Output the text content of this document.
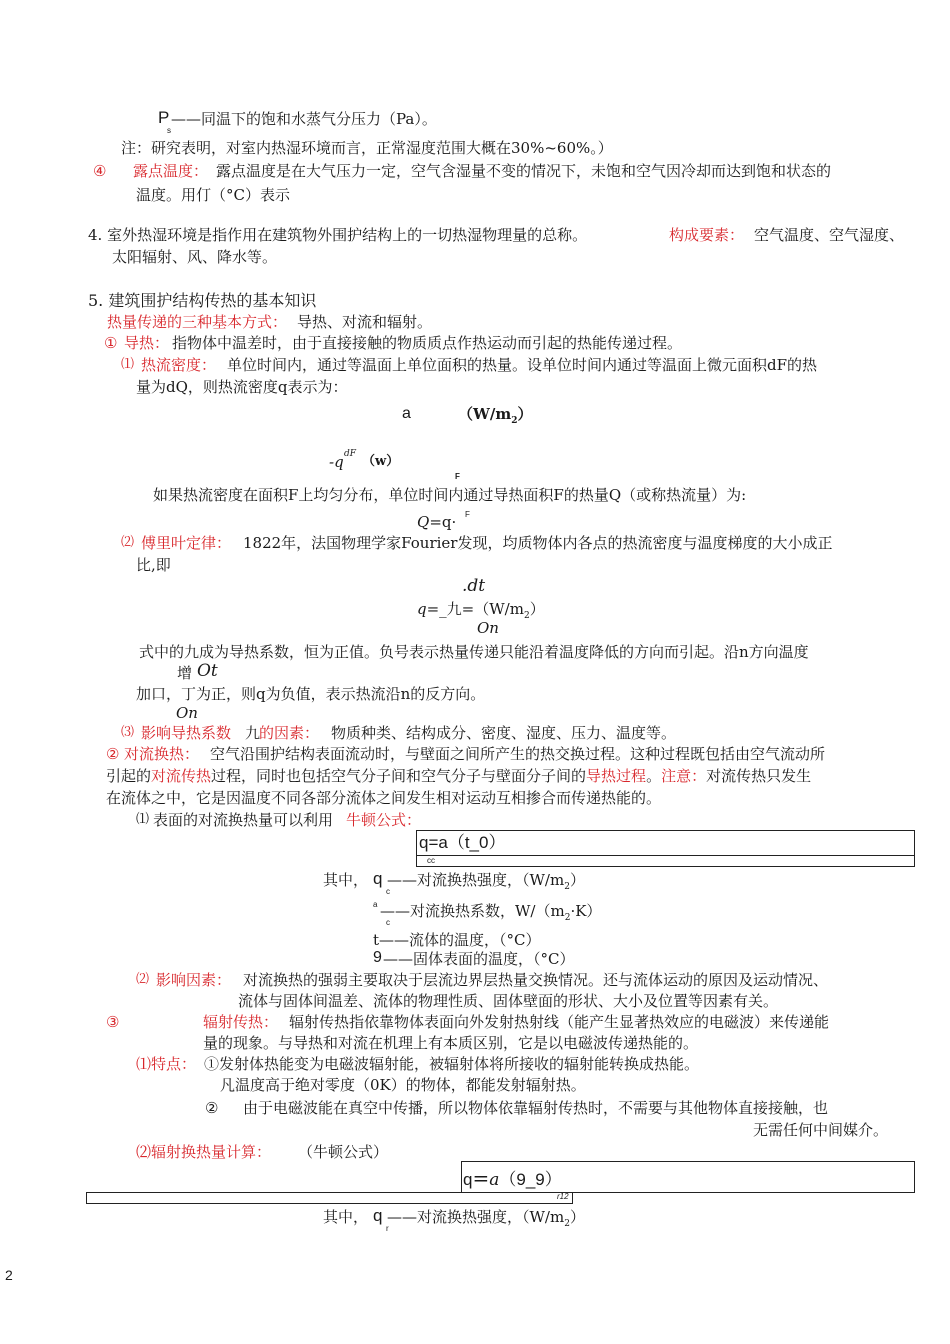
P
s
——同温下的饱和水蒸气分压力（Pa）。
注：研究表明，对室内热湿环境而言，正常湿度范围大概在30%~60%。）
④ 露点温度： 露点温度是在大气压力一定，空气含湿量不变的情况下，未饱和空气因冷却而达到饱和状态的
温度。用仃（°C）表示
4. 室外热湿环境是指作用在建筑物外围护结构上的一切热湿物理量的总称。	构成要素： 空气温度、空气湿度、
太阳辐射、风、降水等。
5. 建筑围护结构传热的基本知识
热量传递的三种基本方式： 导热、对流和辐射。
① 导热： 指物体中温差时，由于直接接触的物质质点作热运动而引起的热能传递过程。
⑴ 热流密度： 单位时间内，通过等温面上单位面积的热量。设单位时间内通过等温面上微元面积dF的热
量为dQ，则热流密度q表示为：
a	$(W/m_2)$
-q dF （w）
F
如果热流密度在面积F上均匀分布，单位时间内通过导热面积F的热量Q（或称热流量）为:
Q=q· F
⑵ 傅里叶定律： 1822年，法国物理学家Fourier发现，均质物体内各点的热流密度与温度梯度的大小成正
比,即
.dt
q=_九$=(W/m_2)$
On
式中的九成为导热系数，恒为正值。负号表示热量传递只能沿着温度降低的方向而引起。沿n方向温度
增 Ot
加口，丁为正，则q为负值，表示热流沿n的反方向。
On
⑶ 影响导热系数 九
的因素： 物质种类、结构成分、密度、湿度、压力、温度等。
② 对流换热： 空气沿围护结构表面流动时，与壁面之间所产生的热交换过程。这种过程既包括由空气流动所
引起的对流传热过程，同时也包括空气分子间和空气分子与壁面分子间的导热过程。注意：对流传热只发生
在流体之中，它是因温度不同各部分流体之间发生相对运动互相掺合而传递热能的。
⑴ 表面的对流换热量可以利用 牛顿公式：
q=a（t_0）
cc
其中， q
c
——对流换热强度，$(W/m_2)$
a
c
——对流换热系数，$W/(m_2\cdot K)$
t——流体的温度，（°C）
9 ——固体表面的温度，（°C）
⑵ 影响因素： 对流换热的强弱主要取决于层流边界层热量交换情况。还与流体运动的原因及运动情况、
流体与固体间温差、流体的物理性质、固体壁面的形状、大小及位置等因素有关。
③	辐射传热： 辐射传热指依靠物体表面向外发射热射线（能产生显著热效应的电磁波）来传递能
量的现象。与导热和对流在机理上有本质区别，它是以电磁波传递热能的。
⑴特点： ①发射体热能变为电磁波辐射能，被辐射体将所接收的辐射能转换成热能。
凡温度高于绝对零度（0K）的物体，都能发射辐射热。
② 由于电磁波能在真空中传播，所以物体依靠辐射传热时，不需要与其他物体直接接触，也
无需任何中间媒介。
⑵辐射换热量计算： （牛顿公式）
q=a（9_9）
r12
其中， q
r
——对流换热强度，$(W/m_2)$
2
